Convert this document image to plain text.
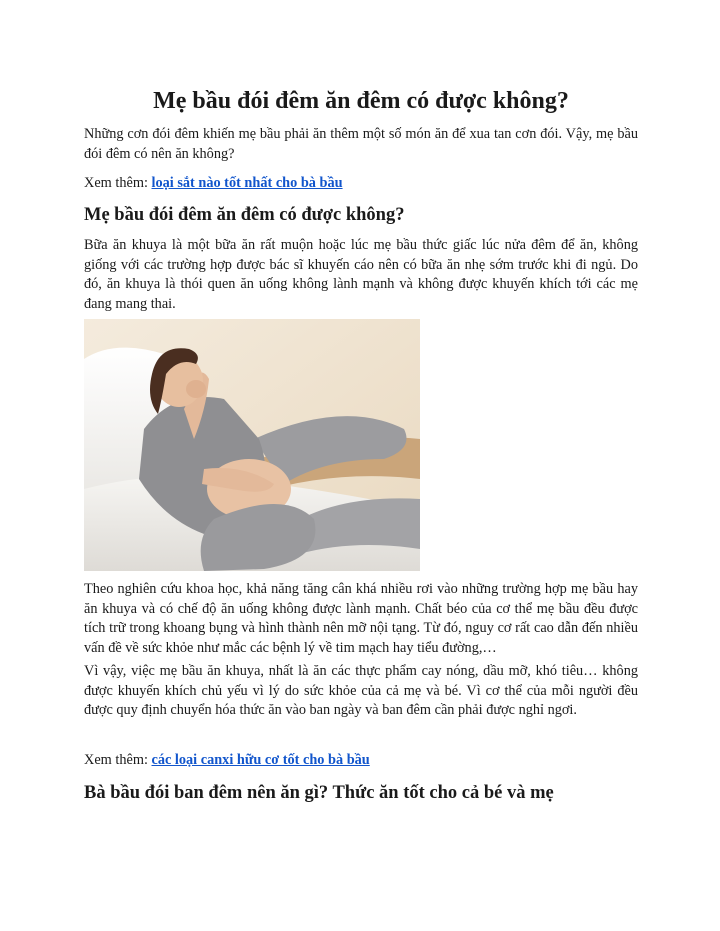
Mẹ bầu đói đêm ăn đêm có được không?

Những cơn đói đêm khiến mẹ bầu phải ăn thêm một số món ăn để xua tan cơn đói. Vậy, mẹ bầu đói đêm có nên ăn không?

Xem thêm: loại sắt nào tốt nhất cho bà bầu

Mẹ bầu đói đêm ăn đêm có được không?

Bữa ăn khuya là một bữa ăn rất muộn hoặc lúc mẹ bầu thức giấc lúc nửa đêm để ăn, không giống với các trường hợp được bác sĩ khuyến cáo nên có bữa ăn nhẹ sớm trước khi đi ngủ. Do đó, ăn khuya là thói quen ăn uống không lành mạnh và không được khuyến khích tới các mẹ đang mang thai.

Theo nghiên cứu khoa học, khả năng tăng cân khá nhiều rơi vào những trường hợp mẹ bầu hay ăn khuya và có chế độ ăn uống không được lành mạnh. Chất béo của cơ thể mẹ bầu đều được tích trữ trong khoang bụng và hình thành nên mỡ nội tạng. Từ đó, nguy cơ rất cao dẫn đến nhiều vấn đề về sức khỏe như mắc các bệnh lý về tim mạch hay tiểu đường,…

Vì vậy, việc mẹ bầu ăn khuya, nhất là ăn các thực phẩm cay nóng, dầu mỡ, khó tiêu… không được khuyến khích chủ yếu vì lý do sức khỏe của cả mẹ và bé. Vì cơ thể của mỗi người đều được quy định chuyển hóa thức ăn vào ban ngày và ban đêm cần phải được nghỉ ngơi.

Xem thêm: các loại canxi hữu cơ tốt cho bà bầu

Bà bầu đói ban đêm nên ăn gì? Thức ăn tốt cho cả bé và mẹ
